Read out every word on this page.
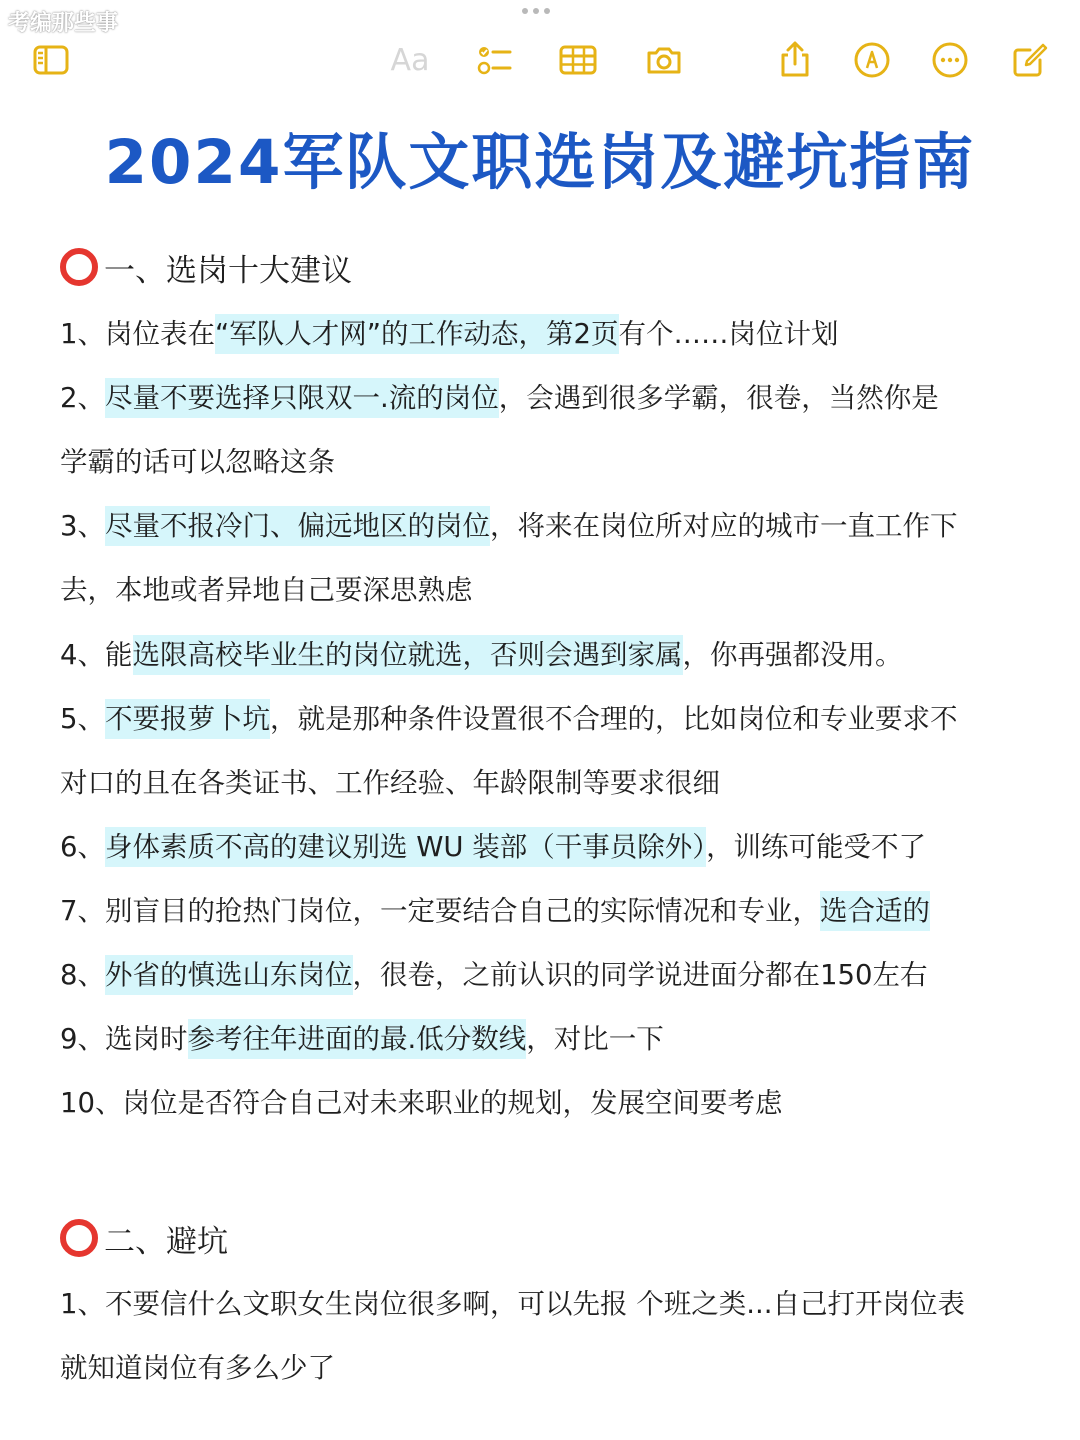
考编那些事
Aa
2024军队文职选岗及避坑指南
一、选岗十大建议
1、岗位表在“军队人才网”的工作动态，第2页有个……岗位计划
2、尽量不要选择只限双一.流的岗位，会遇到很多学霸，很卷，当然你是
学霸的话可以忽略这条
3、尽量不报冷门、偏远地区的岗位，将来在岗位所对应的城市一直工作下
去，本地或者异地自己要深思熟虑
4、能选限高校毕业生的岗位就选，否则会遇到家属，你再强都没用。
5、不要报萝卜坑，就是那种条件设置很不合理的，比如岗位和专业要求不
对口的且在各类证书、工作经验、年龄限制等要求很细
6、身体素质不高的建议别选 WU 装部（干事员除外），训练可能受不了
7、别盲目的抢热门岗位，一定要结合自己的实际情况和专业，选合适的
8、外省的慎选山东岗位，很卷，之前认识的同学说进面分都在150左右
9、选岗时参考往年进面的最.低分数线，对比一下
10、岗位是否符合自己对未来职业的规划，发展空间要考虑
二、避坑
1、不要信什么文职女生岗位很多啊，可以先报 个班之类...自己打开岗位表
就知道岗位有多么少了
